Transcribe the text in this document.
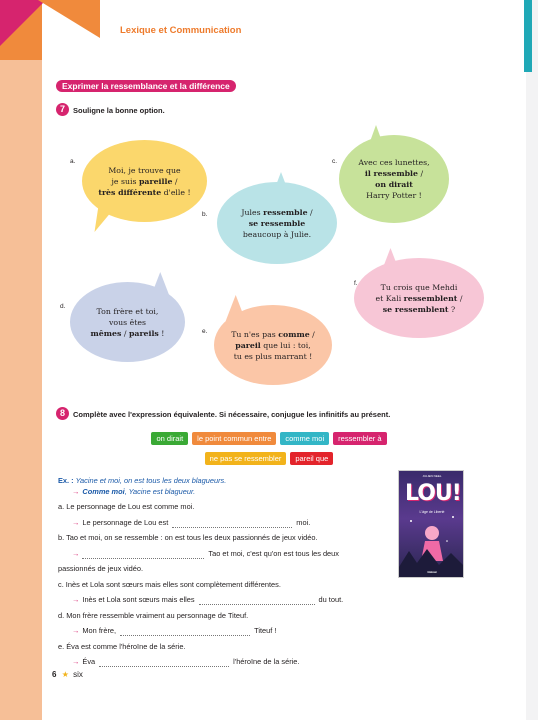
Lexique et Communication
Exprimer la ressemblance et la différence
7	Souligne la bonne option.
a.
Moi, je trouve que
je suis pareille /
très différente d'elle !
b.	Jules ressemble /
se ressemble
beaucoup à Julie.
c.	Avec ces lunettes,
il ressemble /
on dirait
Harry Potter !
d.	Ton frère et toi,
vous êtes
mêmes / pareils !	e.	Tu n'es pas comme /
pareil que lui : toi,
tu es plus marrant !
f.	Tu crois que Mehdi
et Kali ressemblent /
se ressemblent ?
8	Complète avec l'expression équivalente. Si nécessaire, conjugue les infinitifs au présent.
on dirait le point commun entre comme moi ressembler à
ne pas se ressembler pareil que
Ex. :
Yacine et moi, on est tous les deux blagueurs.
→ Comme moi , Yacine est blagueur.
a. Le personnage de Lou est comme moi.
→ Le personnage de Lou est	moi.
b. Tao et moi, on se ressemble : on est tous les deux passionnés de jeux vidéo.
→	Tao et moi, c'est qu'on est tous les deux
passionnés de jeux vidéo.
c. Inès et Lola sont sœurs mais elles sont complètement différentes.
→ Inès et Lola sont sœurs mais elles	du tout.
d. Mon frère ressemble vraiment au personnage de Titeuf.
→ Mon frère,	Titeuf !
e. Éva est comme l'héroïne de la série.
→ Éva	l'héroïne de la série.
JULIEN NEEL
LOU!
L'âge de Liberté
Glénat
6 ★ six
